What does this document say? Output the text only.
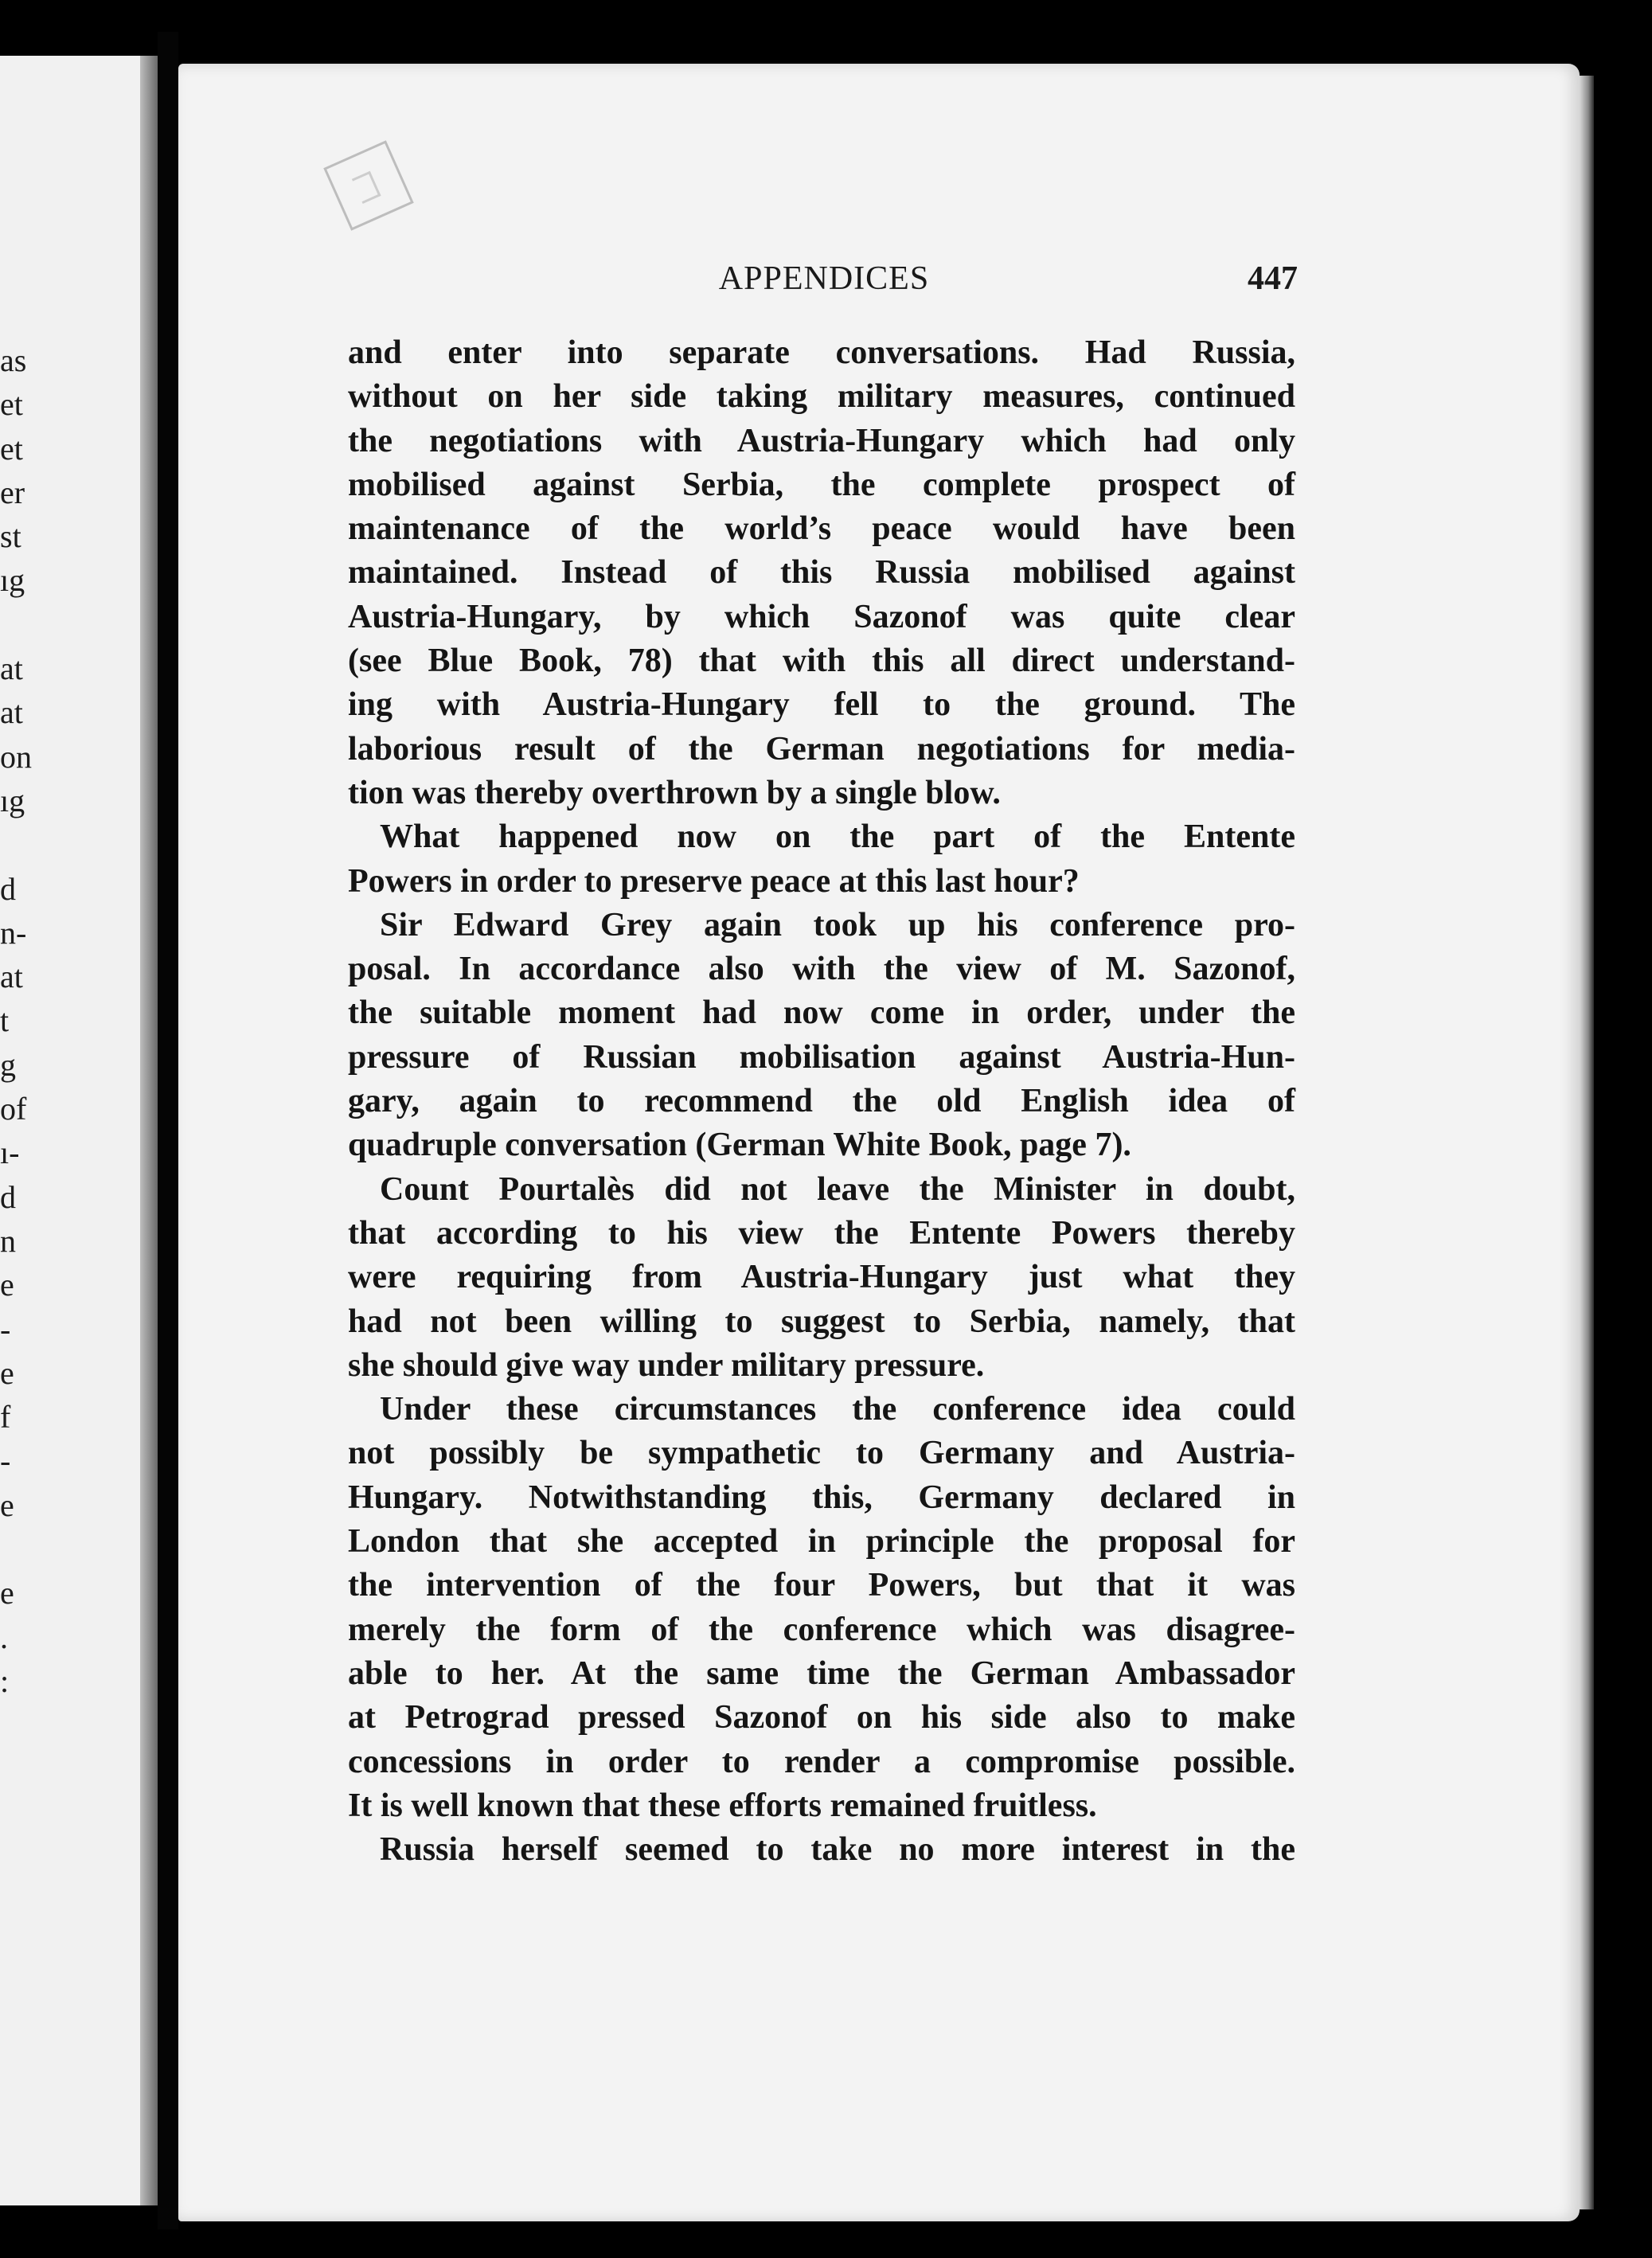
as
et
et
er
st
ıg
at
at
on
ıg
d
n-
at
t
g
of
ı-
d
n
e
-
e
f
-
e
e
.
:
APPENDICES	447
and enter into separate conversations. Had Russia,
without on her side taking military measures, continued
the negotiations with Austria-Hungary which had only
mobilised against Serbia, the complete prospect of
maintenance of the world’s peace would have been
maintained. Instead of this Russia mobilised against
Austria-Hungary, by which Sazonof was quite clear
(see Blue Book, 78) that with this all direct understand-
ing with Austria-Hungary fell to the ground. The
laborious result of the German negotiations for media-
tion was thereby overthrown by a single blow.
What happened now on the part of the Entente
Powers in order to preserve peace at this last hour?
Sir Edward Grey again took up his conference pro-
posal. In accordance also with the view of M. Sazonof,
the suitable moment had now come in order, under the
pressure of Russian mobilisation against Austria-Hun-
gary, again to recommend the old English idea of
quadruple conversation (German White Book, page 7).
Count Pourtalès did not leave the Minister in doubt,
that according to his view the Entente Powers thereby
were requiring from Austria-Hungary just what they
had not been willing to suggest to Serbia, namely, that
she should give way under military pressure.
Under these circumstances the conference idea could
not possibly be sympathetic to Germany and Austria-
Hungary. Notwithstanding this, Germany declared in
London that she accepted in principle the proposal for
the intervention of the four Powers, but that it was
merely the form of the conference which was disagree-
able to her. At the same time the German Ambassador
at Petrograd pressed Sazonof on his side also to make
concessions in order to render a compromise possible.
It is well known that these efforts remained fruitless.
Russia herself seemed to take no more interest in the
